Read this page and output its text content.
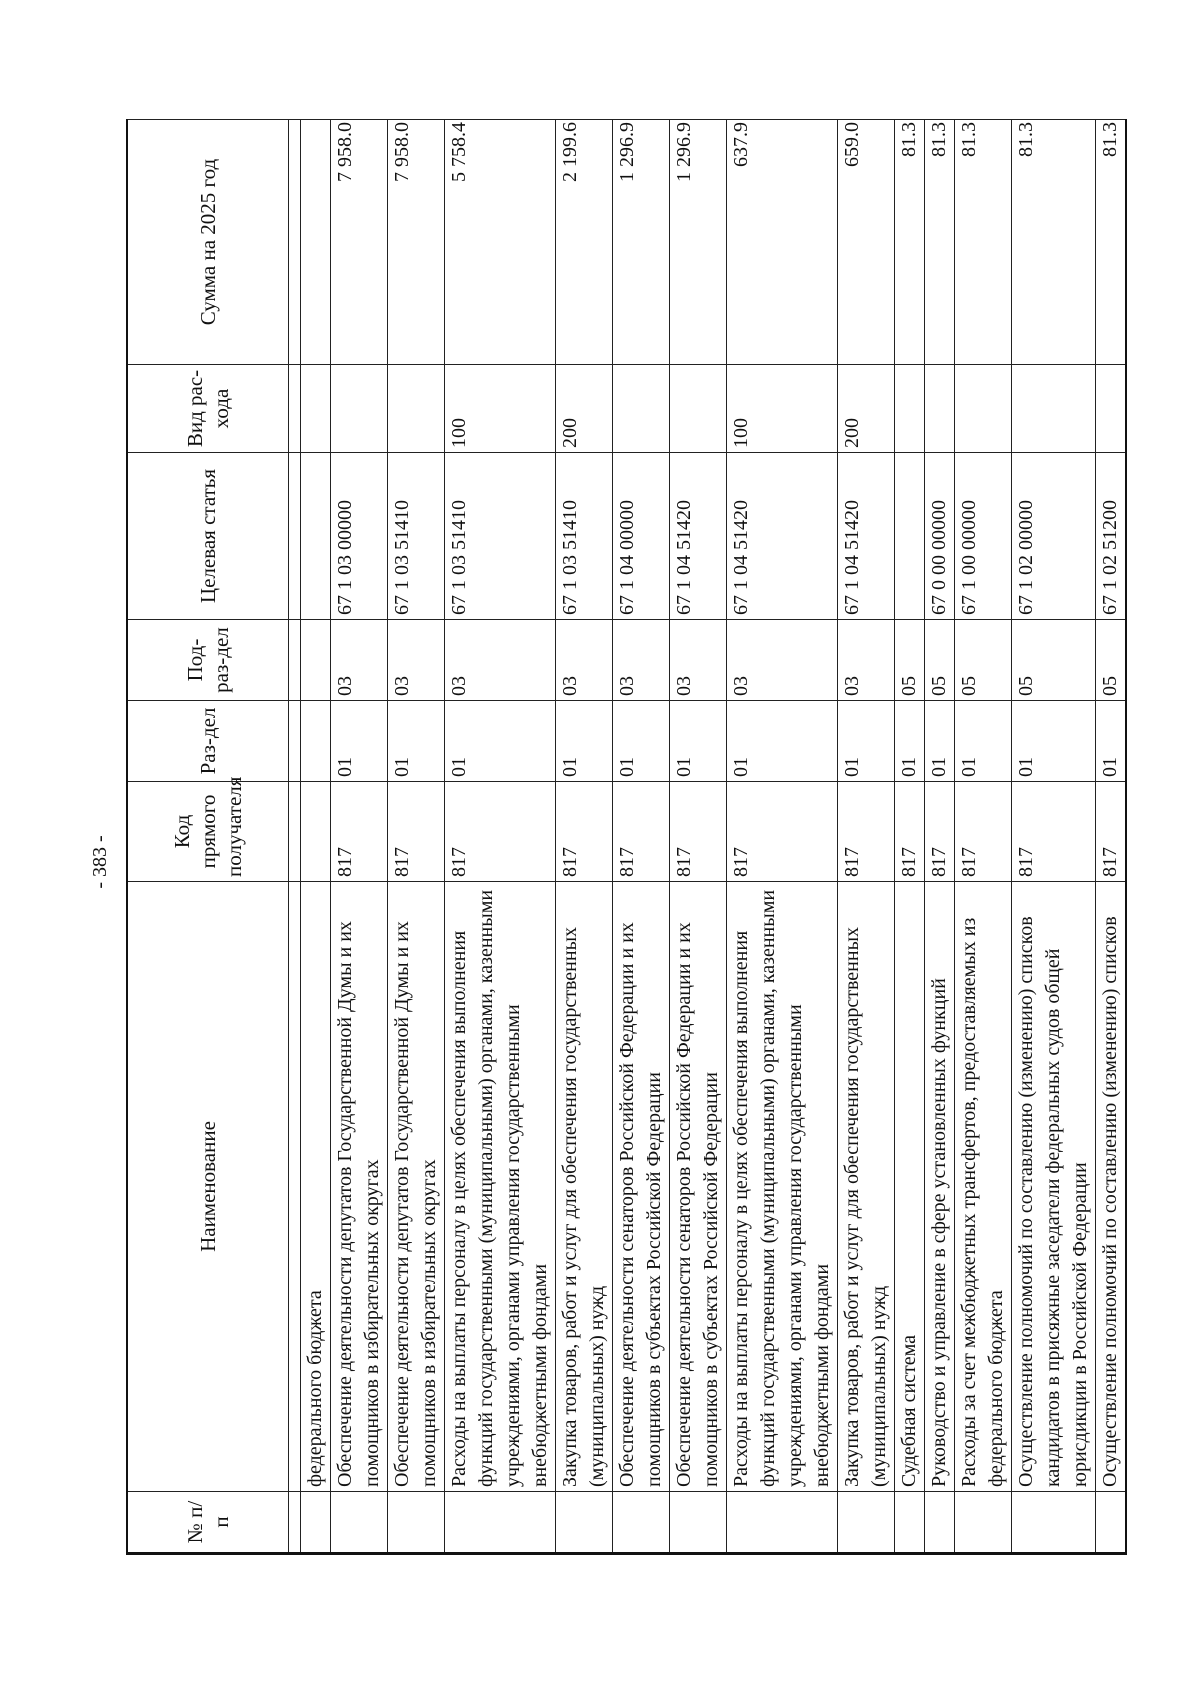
- 383 -
№ п/п	Наименование	Код прямого получателя	Раз-дел	Под-раз-дел	Целевая статья	Вид рас-хода	Сумма на 2025 год

	федерального бюджета						
	Обеспечение деятельности депутатов Государственной Думы и их помощников в избирательных округах	817	01	03	67 1 03 00000		7 958.0
	Обеспечение деятельности депутатов Государственной Думы и их помощников в избирательных округах	817	01	03	67 1 03 51410		7 958.0
	Расходы на выплаты персоналу в целях обеспечения выполнения функций государственными (муниципальными) органами, казенными учреждениями, органами управления государственными внебюджетными фондами	817	01	03	67 1 03 51410	100	5 758.4
	Закупка товаров, работ и услуг для обеспечения государственных (муниципальных) нужд	817	01	03	67 1 03 51410	200	2 199.6
	Обеспечение деятельности сенаторов Российской Федерации и их помощников в субъектах Российской Федерации	817	01	03	67 1 04 00000		1 296.9
	Обеспечение деятельности сенаторов Российской Федерации и их помощников в субъектах Российской Федерации	817	01	03	67 1 04 51420		1 296.9
	Расходы на выплаты персоналу в целях обеспечения выполнения функций государственными (муниципальными) органами, казенными учреждениями, органами управления государственными внебюджетными фондами	817	01	03	67 1 04 51420	100	637.9
	Закупка товаров, работ и услуг для обеспечения государственных (муниципальных) нужд	817	01	03	67 1 04 51420	200	659.0
	Судебная система	817	01	05			81.3
	Руководство и управление в сфере установленных функций	817	01	05	67 0 00 00000		81.3
	Расходы за счет межбюджетных трансфертов, предоставляемых из федерального бюджета	817	01	05	67 1 00 00000		81.3
	Осуществление полномочий по составлению (изменению) списков кандидатов в присяжные заседатели федеральных судов общей юрисдикции в Российской Федерации	817	01	05	67 1 02 00000		81.3
	Осуществление полномочий по составлению (изменению) списков	817	01	05	67 1 02 51200		81.3
